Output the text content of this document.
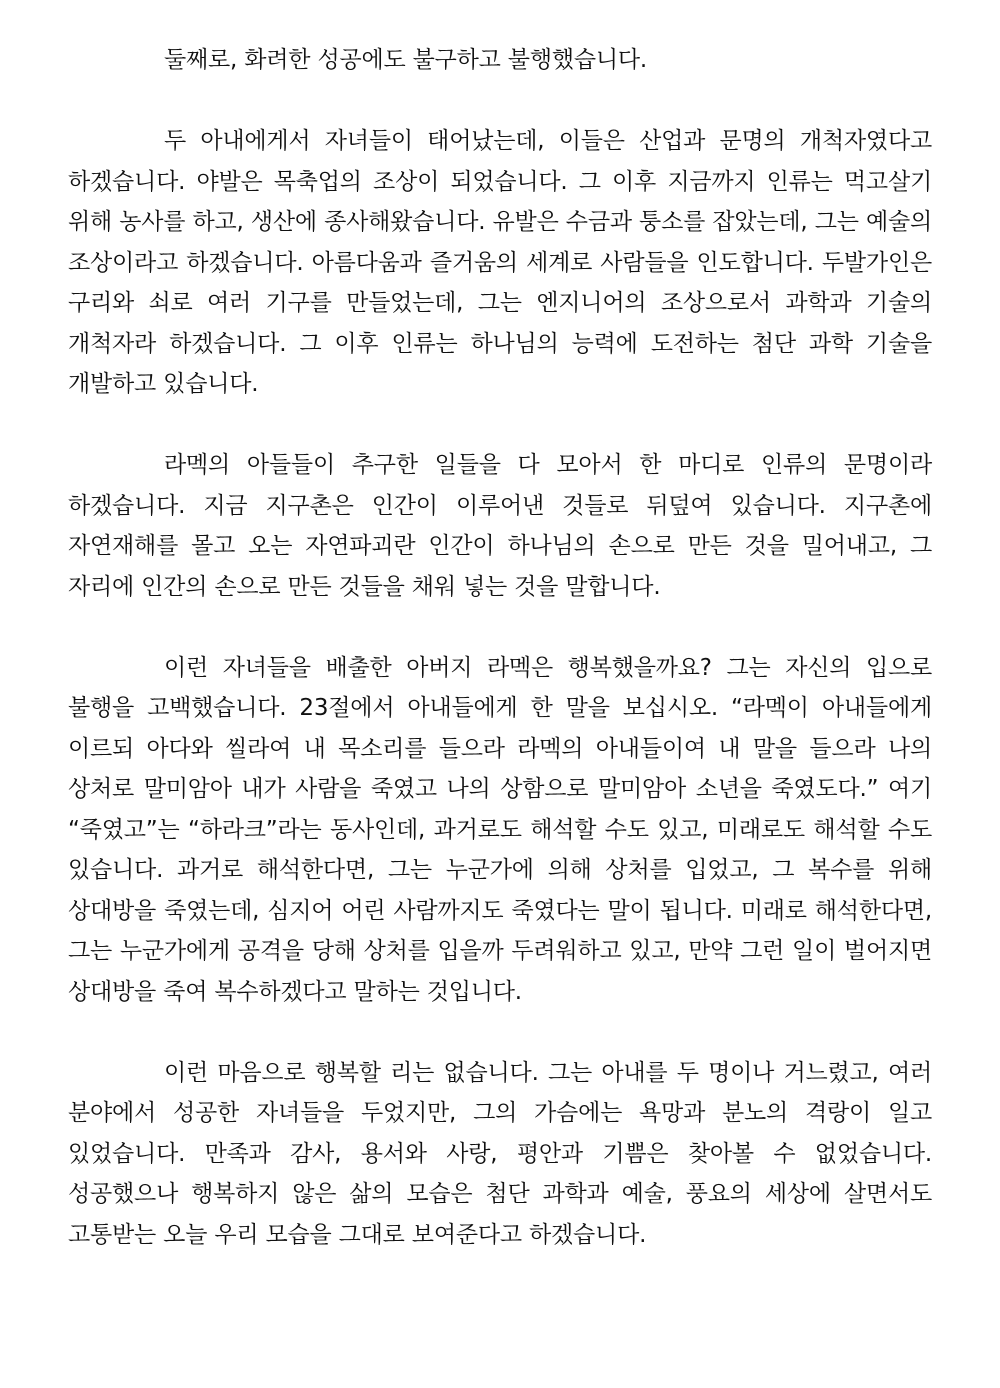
둘째로, 화려한 성공에도 불구하고 불행했습니다.

두 아내에게서 자녀들이 태어났는데, 이들은 산업과 문명의 개척자였다고 하겠습니다. 야발은 목축업의 조상이 되었습니다. 그 이후 지금까지 인류는 먹고살기 위해 농사를 하고, 생산에 종사해왔습니다. 유발은 수금과 퉁소를 잡았는데, 그는 예술의 조상이라고 하겠습니다. 아름다움과 즐거움의 세계로 사람들을 인도합니다. 두발가인은 구리와 쇠로 여러 기구를 만들었는데, 그는 엔지니어의 조상으로서 과학과 기술의 개척자라 하겠습니다. 그 이후 인류는 하나님의 능력에 도전하는 첨단 과학 기술을 개발하고 있습니다.

라멕의 아들들이 추구한 일들을 다 모아서 한 마디로 인류의 문명이라 하겠습니다. 지금 지구촌은 인간이 이루어낸 것들로 뒤덮여 있습니다. 지구촌에 자연재해를 몰고 오는 자연파괴란 인간이 하나님의 손으로 만든 것을 밀어내고, 그 자리에 인간의 손으로 만든 것들을 채워 넣는 것을 말합니다.

이런 자녀들을 배출한 아버지 라멕은 행복했을까요? 그는 자신의 입으로 불행을 고백했습니다. 23절에서 아내들에게 한 말을 보십시오. “라멕이 아내들에게 이르되 아다와 씰라여 내 목소리를 들으라 라멕의 아내들이여 내 말을 들으라 나의 상처로 말미암아 내가 사람을 죽였고 나의 상함으로 말미암아 소년을 죽였도다.” 여기 “죽였고”는 “하라크”라는 동사인데, 과거로도 해석할 수도 있고, 미래로도 해석할 수도 있습니다. 과거로 해석한다면, 그는 누군가에 의해 상처를 입었고, 그 복수를 위해 상대방을 죽였는데, 심지어 어린 사람까지도 죽였다는 말이 됩니다. 미래로 해석한다면, 그는 누군가에게 공격을 당해 상처를 입을까 두려워하고 있고, 만약 그런 일이 벌어지면 상대방을 죽여 복수하겠다고 말하는 것입니다.

이런 마음으로 행복할 리는 없습니다. 그는 아내를 두 명이나 거느렸고, 여러 분야에서 성공한 자녀들을 두었지만, 그의 가슴에는 욕망과 분노의 격랑이 일고 있었습니다. 만족과 감사, 용서와 사랑, 평안과 기쁨은 찾아볼 수 없었습니다. 성공했으나 행복하지 않은 삶의 모습은 첨단 과학과 예술, 풍요의 세상에 살면서도 고통받는 오늘 우리 모습을 그대로 보여준다고 하겠습니다.
